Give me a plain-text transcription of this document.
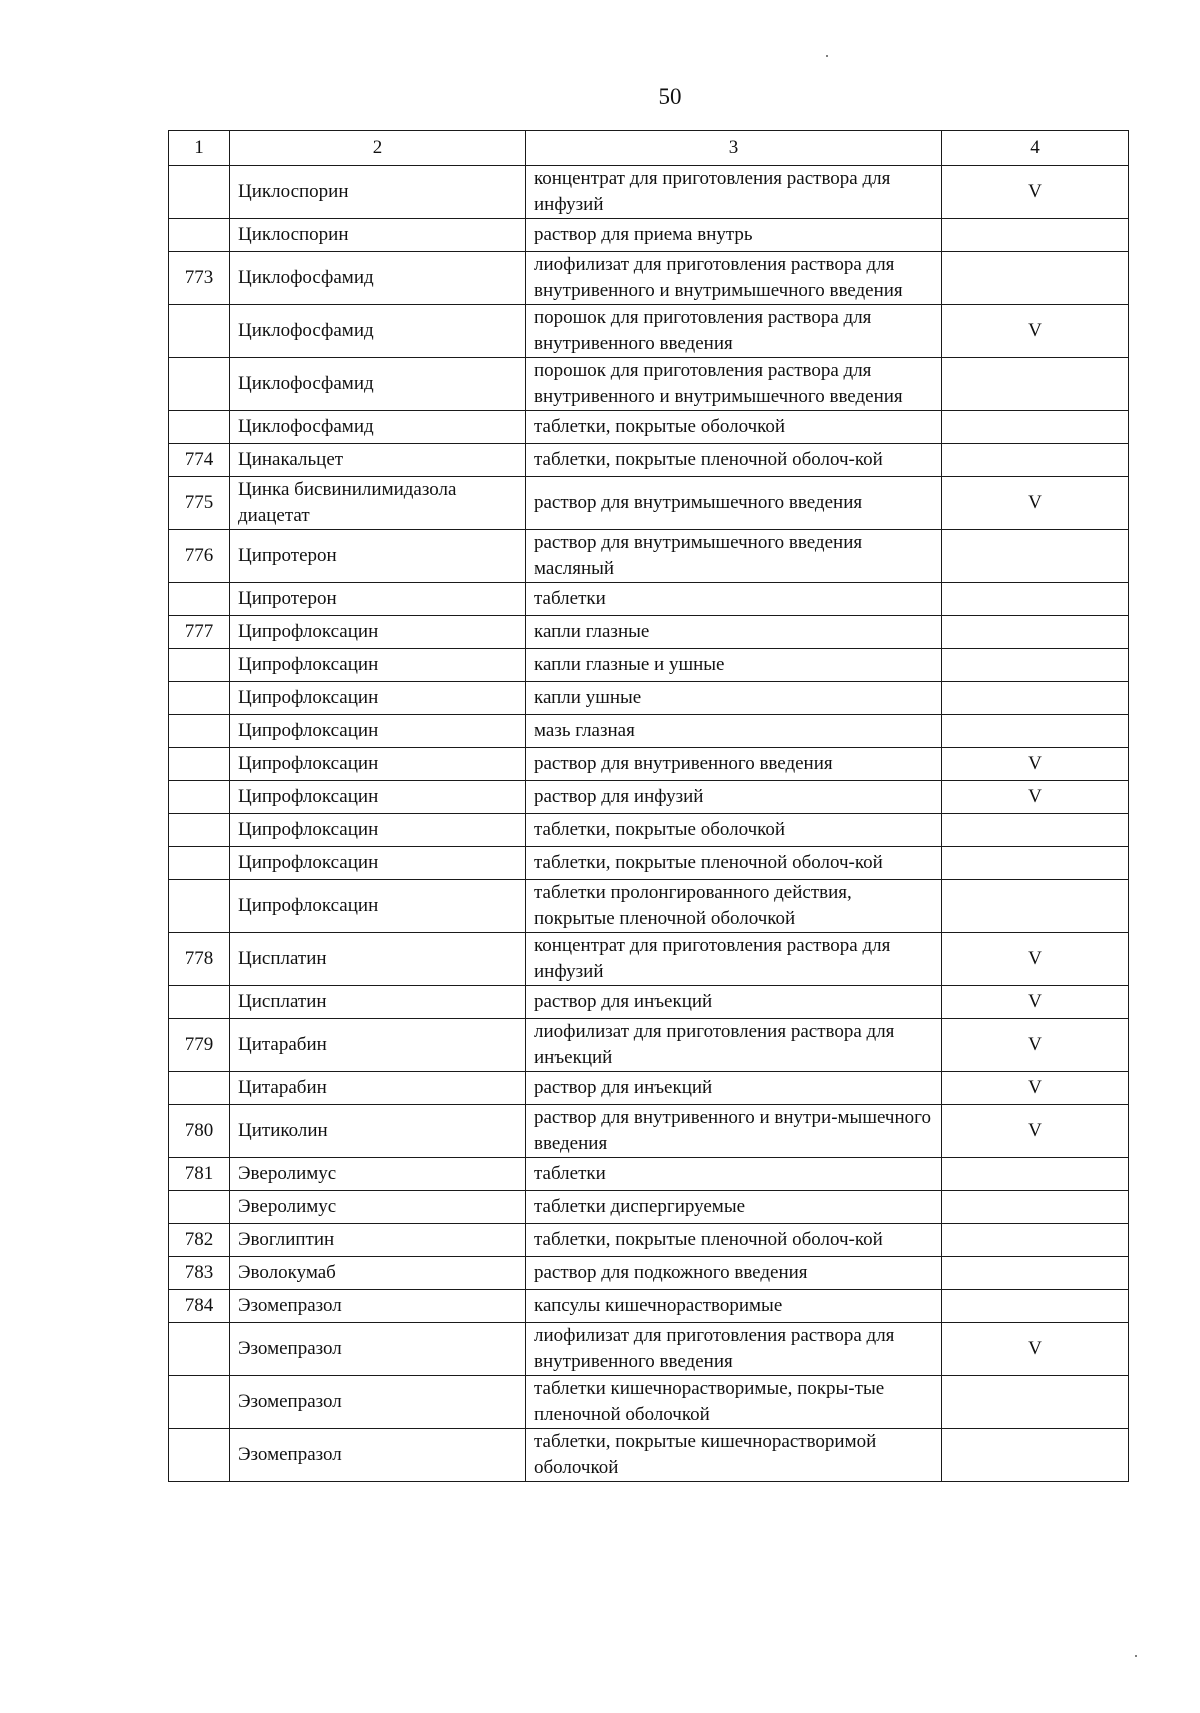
50
1	2	3	4
	Циклоспорин	концентрат для приготовления раствора для инфузий	V
	Циклоспорин	раствор для приема внутрь	
773	Циклофосфамид	лиофилизат для приготовления раствора для внутривенного и внутримышечного введения	
	Циклофосфамид	порошок для приготовления раствора для внутривенного введения	V
	Циклофосфамид	порошок для приготовления раствора для внутривенного и внутримышечного введения	
	Циклофосфамид	таблетки, покрытые оболочкой	
774	Цинакальцет	таблетки, покрытые пленочной оболоч-кой	
775	Цинка бисвинилимидазола диацетат	раствор для внутримышечного введения	V
776	Ципротерон	раствор для внутримышечного введения масляный	
	Ципротерон	таблетки	
777	Ципрофлоксацин	капли глазные	
	Ципрофлоксацин	капли глазные и ушные	
	Ципрофлоксацин	капли ушные	
	Ципрофлоксацин	мазь глазная	
	Ципрофлоксацин	раствор для внутривенного введения	V
	Ципрофлоксацин	раствор для инфузий	V
	Ципрофлоксацин	таблетки, покрытые оболочкой	
	Ципрофлоксацин	таблетки, покрытые пленочной оболоч-кой	
	Ципрофлоксацин	таблетки пролонгированного действия, покрытые пленочной оболочкой	
778	Цисплатин	концентрат для приготовления раствора для инфузий	V
	Цисплатин	раствор для инъекций	V
779	Цитарабин	лиофилизат для приготовления раствора для инъекций	V
	Цитарабин	раствор для инъекций	V
780	Цитиколин	раствор для внутривенного и внутри-мышечного введения	V
781	Эверолимус	таблетки	
	Эверолимус	таблетки диспергируемые	
782	Эвоглиптин	таблетки, покрытые пленочной оболоч-кой	
783	Эволокумаб	раствор для подкожного введения	
784	Эзомепразол	капсулы кишечнорастворимые	
	Эзомепразол	лиофилизат для приготовления раствора для внутривенного введения	V
	Эзомепразол	таблетки кишечнорастворимые, покры-тые пленочной оболочкой	
	Эзомепразол	таблетки, покрытые кишечнорастворимой оболочкой	
